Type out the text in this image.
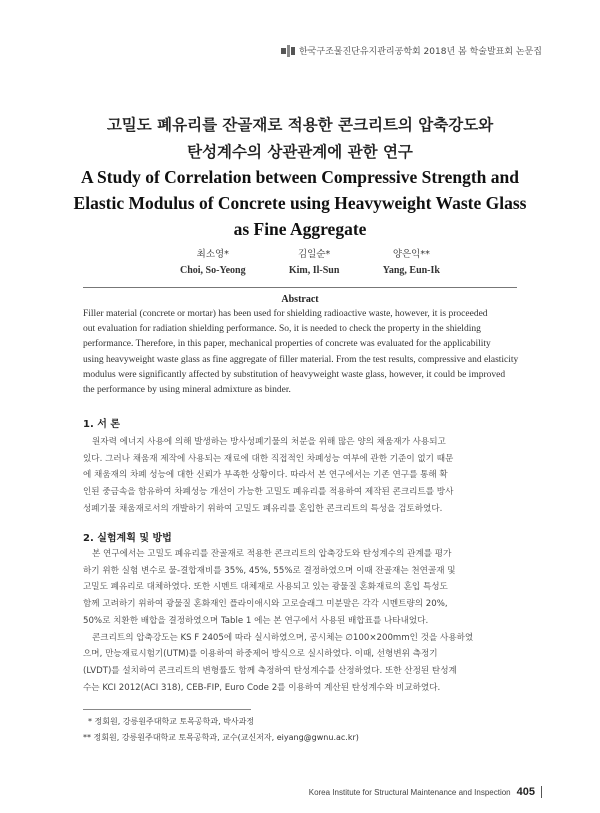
한국구조물진단유지관리공학회 2018년 봄 학술발표회 논문집
고밀도 폐유리를 잔골재로 적용한 콘크리트의 압축강도와
탄성계수의 상관관계에 관한 연구
A Study of Correlation between Compressive Strength and
Elastic Modulus of Concrete using Heavyweight Waste Glass
as Fine Aggregate
최소영*
Choi, So-Yeong
김일순*
Kim, Il-Sun
양은익**
Yang, Eun-Ik
Abstract
Filler material (concrete or mortar) has been used for shielding radioactive waste, however, it is proceeded
out evaluation for radiation shielding performance. So, it is needed to check the property in the shielding
performance. Therefore, in this paper, mechanical properties of concrete was evaluated for the applicability
using heavyweight waste glass as fine aggregate of filler material. From the test results, compressive and elasticity
modulus were significantly affected by substitution of heavyweight waste glass, however, it could be improved
the performance by using mineral admixture as binder.
1. 서 론
원자력 에너지 사용에 의해 발생하는 방사성폐기물의 처분을 위해 많은 양의 채움재가 사용되고
있다. 그러나 채움재 제작에 사용되는 재료에 대한 직접적인 차폐성능 여부에 관한 기준이 없기 때문
에 채움재의 차폐 성능에 대한 신뢰가 부족한 상황이다. 따라서 본 연구에서는 기존 연구를 통해 확
인된 중금속을 함유하여 차폐성능 개선이 가능한 고밀도 폐유리를 적용하여 제작된 콘크리트를 방사
성폐기물 채움재로서의 개발하기 위하여 고밀도 폐유리를 혼입한 콘크리트의 특성을 검토하였다.
2. 실험계획 및 방법
본 연구에서는 고밀도 폐유리를 잔골재로 적용한 콘크리트의 압축강도와 탄성계수의 관계를 평가
하기 위한 실험 변수로 물-결합재비를 35%, 45%, 55%로 결정하였으며 이때 잔골재는 천연골재 및
고밀도 폐유리로 대체하였다. 또한 시멘트 대체재로 사용되고 있는 광물질 혼화재료의 혼입 특성도
함께 고려하기 위하여 광물질 혼화재인 플라이애시와 고로슬래그 미분말은 각각 시멘트량의 20%,
50%로 치환한 배합을 결정하였으며 Table 1 에는 본 연구에서 사용된 배합표를 나타내었다.
콘크리트의 압축강도는 KS F 2405에 따라 실시하였으며, 공시체는 ∅100×200mm인 것을 사용하였
으며, 만능재료시험기(UTM)를 이용하여 하중제어 방식으로 실시하였다. 이때, 선형변위 측정기
(LVDT)를 설치하여 콘크리트의 변형률도 함께 측정하여 탄성계수를 산정하였다. 또한 산정된 탄성계
수는 KCI 2012(ACI 318), CEB-FIP, Euro Code 2를 이용하여 계산된 탄성계수와 비교하였다.
* 정회원, 강릉원주대학교 토목공학과, 박사과정
** 정회원, 강릉원주대학교 토목공학과, 교수(교신저자, eiyang@gwnu.ac.kr)
Korea Institute for Structural Maintenance and Inspection 405
